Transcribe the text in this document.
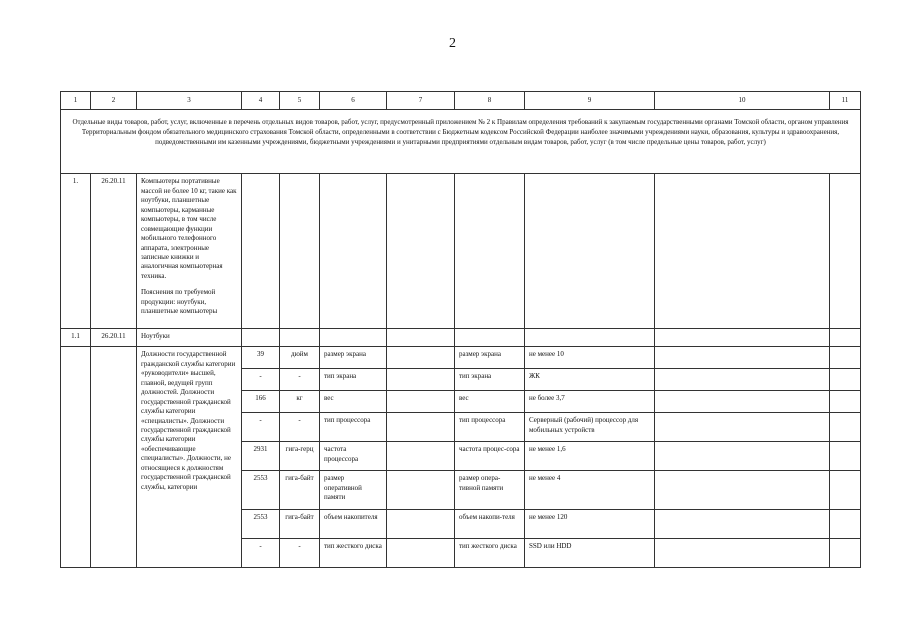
2
1	2	3	4	5	6	7	8	9	10	11
Отдельные виды товаров, работ, услуг, включенные в перечень отдельных видов товаров, работ, услуг, предусмотренный приложением № 2 к Правилам определения требований к закупаемым государственными органами Томской области, органом управления Территориальным фондом обязательного медицинского страхования Томской области, определенными в соответствии с Бюджетным кодексом Российской Федерации наиболее значимыми учреждениями науки, образования, культуры и здравоохранения, подведомственными им казенными учреждениями, бюджетными учреждениями и унитарными предприятиями отдельным видам товаров, работ, услуг (в том числе предельные цены товаров, работ, услуг)										
1.	26.20.11	Компьютеры портативные массой не более 10 кг, такие как ноутбуки, планшетные компьютеры, карманные компьютеры, в том числе совмещающие функции мобильного телефонного аппарата, электронные записные книжки и аналогичная компьютерная техника.

Пояснения по требуемой продукции: ноутбуки, планшетные компьютеры								

1.1	26.20.11	Ноутбуки								
		Должности государственной гражданской службы категории «руководители» высшей, главной, ведущей групп должностей. Должности государственной гражданской службы категории «специалисты». Должности государственной гражданской службы категории «обеспечивающие специалисты». Должности, не относящиеся к должностям государственной гражданской службы, категории	39	дюйм	размер экрана		размер экрана	не менее 10		
			-	-	тип экрана		тип экрана	ЖК		
			166	кг	вес		вес	не более 3,7		
			-	-	тип процессора		тип процессора	Серверный (рабочий) процессор для мобильных устройств		
			2931	гига-герц	частота процессора		частота процес-сора	не менее 1,6		
			2553	гига-байт	размер оперативной памяти		размер опера-тивной памяти	не менее 4		
			2553	гига-байт	объем накопителя		объем накопи-теля	не менее 120		
			-	-	тип жесткого диска		тип жесткого диска	SSD или HDD		
